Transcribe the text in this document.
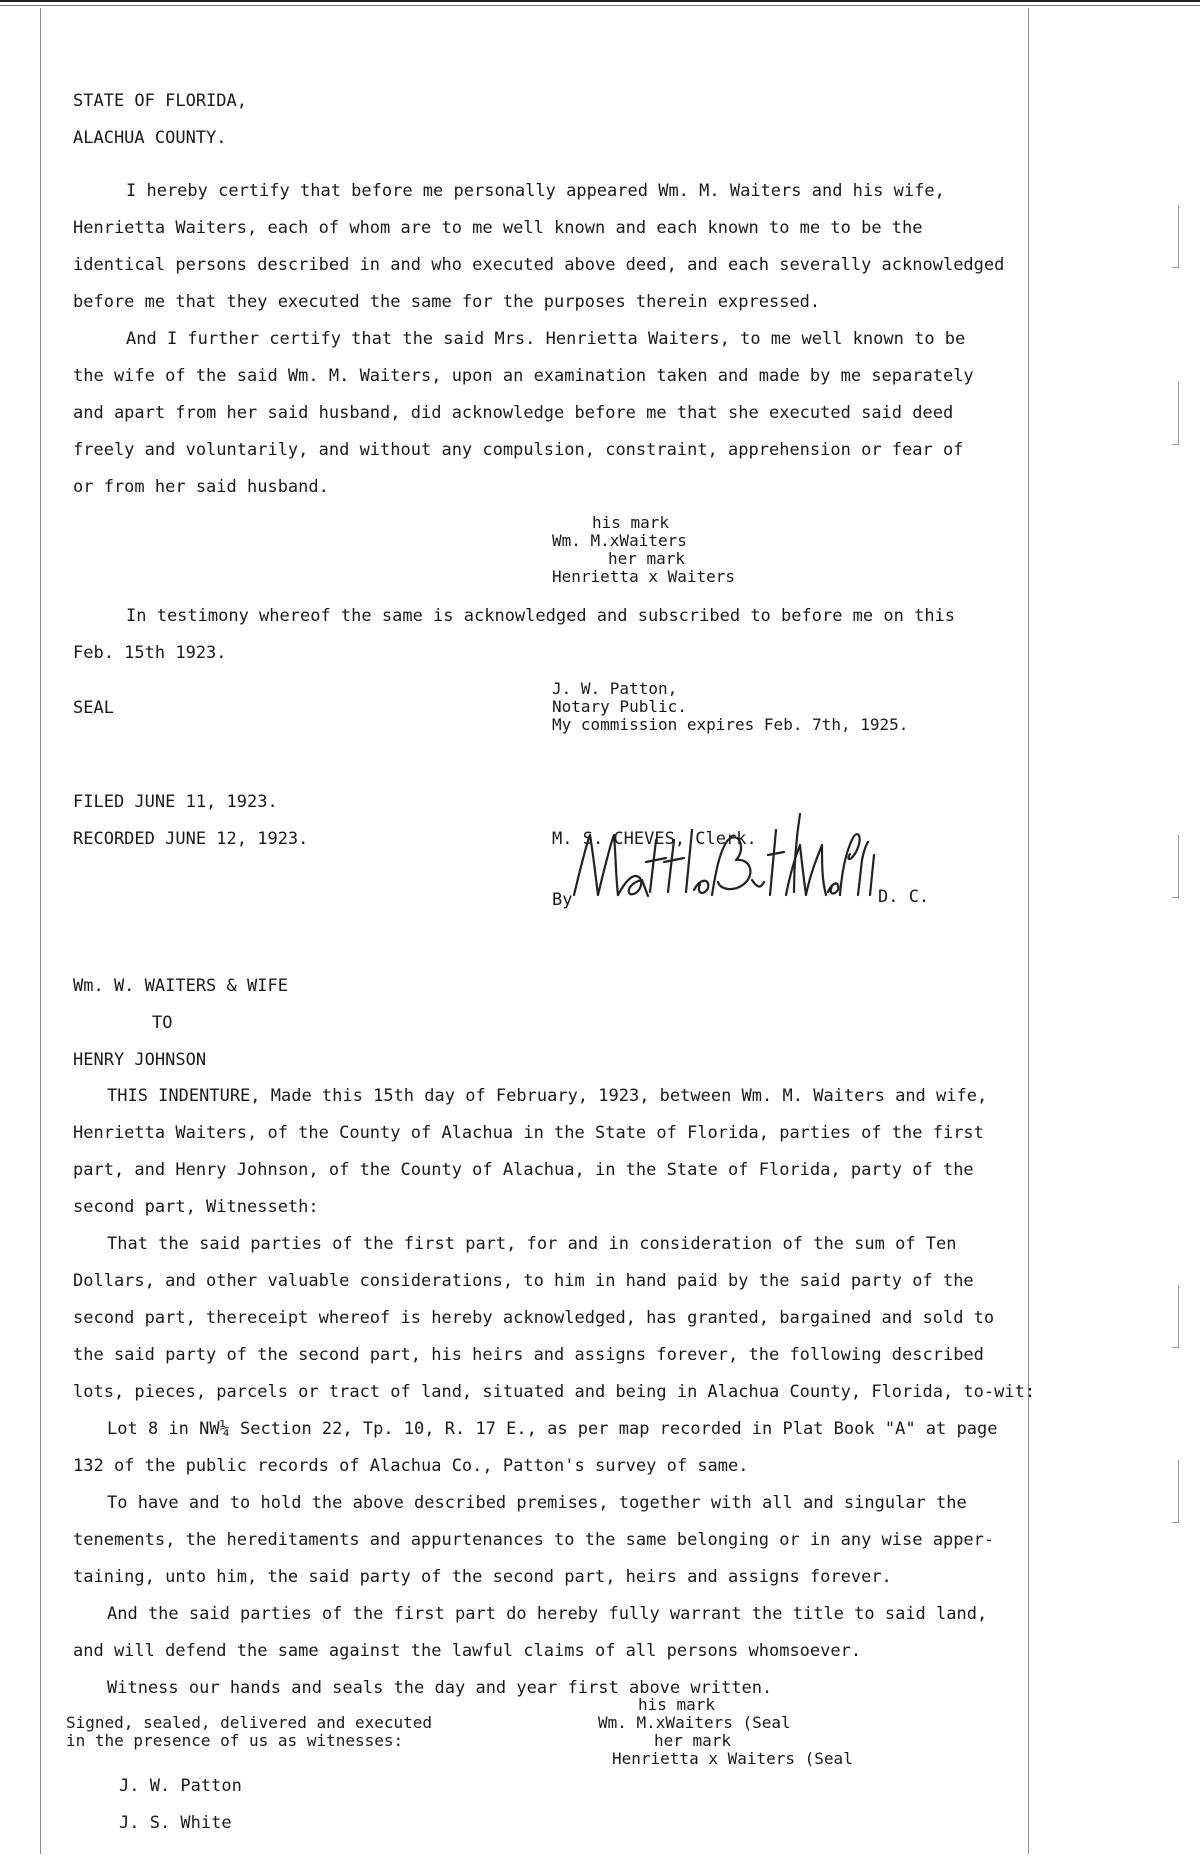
STATE OF FLORIDA,
ALACHUA COUNTY.
I hereby certify that before me personally appeared Wm. M. Waiters and his wife,
Henrietta Waiters, each of whom are to me well known and each known to me to be the
identical persons described in and who executed above deed, and each severally acknowledged
before me that they executed the same for the purposes therein expressed.
And I further certify that the said Mrs. Henrietta Waiters, to me well known to be
the wife of the said Wm. M. Waiters, upon an examination taken and made by me separately
and apart from her said husband, did acknowledge before me that she executed said deed
freely and voluntarily, and without any compulsion, constraint, apprehension or fear of
or from her said husband.
his mark
Wm. M.xWaiters
her mark
Henrietta x Waiters
In testimony whereof the same is acknowledged and subscribed to before me on this
Feb. 15th 1923.
J. W. Patton,
SEAL	Notary Public.
My commission expires Feb. 7th, 1925.
FILED JUNE 11, 1923.
RECORDED JUNE 12, 1923.	M. S. CHEVES, Clerk.
By	D. C.
Wm. W. WAITERS & WIFE
TO
HENRY JOHNSON
THIS INDENTURE, Made this 15th day of February, 1923, between Wm. M. Waiters and wife,
Henrietta Waiters, of the County of Alachua in the State of Florida, parties of the first
part, and Henry Johnson, of the County of Alachua, in the State of Florida, party of the
second part, Witnesseth:
That the said parties of the first part, for and in consideration of the sum of Ten
Dollars, and other valuable considerations, to him in hand paid by the said party of the
second part, thereceipt whereof is hereby acknowledged, has granted, bargained and sold to
the said party of the second part, his heirs and assigns forever, the following described
lots, pieces, parcels or tract of land, situated and being in Alachua County, Florida, to-wit:
Lot 8 in NW¼ Section 22, Tp. 10, R. 17 E., as per map recorded in Plat Book "A" at page
132 of the public records of Alachua Co., Patton's survey of same.
To have and to hold the above described premises, together with all and singular the
tenements, the hereditaments and appurtenances to the same belonging or in any wise apper-
taining, unto him, the said party of the second part, heirs and assigns forever.
And the said parties of the first part do hereby fully warrant the title to said land,
and will defend the same against the lawful claims of all persons whomsoever.
Witness our hands and seals the day and year first above written.
his mark
Signed, sealed, delivered and executed	Wm. M.xWaiters (Seal
in the presence of us as witnesses:	her mark
Henrietta x Waiters (Seal
J. W. Patton
J. S. White
